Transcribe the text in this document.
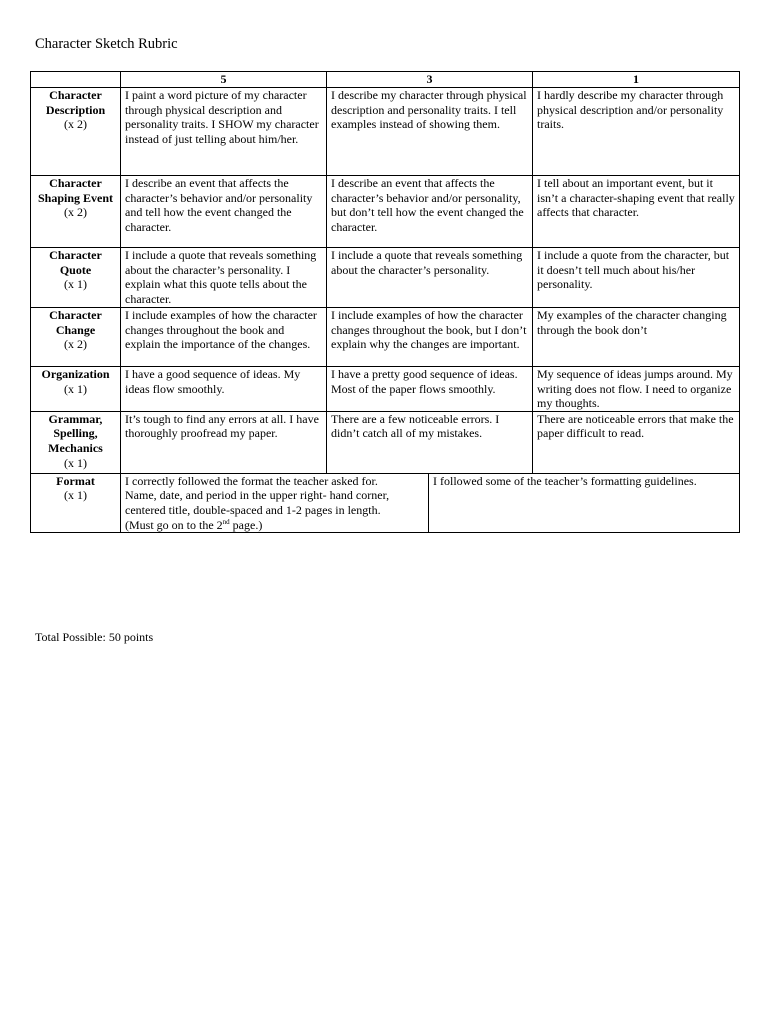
Character Sketch Rubric
	5	3		1

Character Description
(x 2)	I paint a word picture of my character through physical description and personality traits. I SHOW my character instead of just telling about him/her.	I describe my character through physical description and personality traits. I tell examples instead of showing them.		I hardly describe my character through physical description and/or personality traits.

Character Shaping Event
(x 2)	I describe an event that affects the character’s behavior and/or personality and tell how the event changed the character.	I describe an event that affects the character’s behavior and/or personality, but don’t tell how the event changed the character.		I tell about an important event, but it isn’t a character-shaping event that really affects that character.

Character Quote
(x 1)	I include a quote that reveals something about the character’s personality. I explain what this quote tells about the character.	I include a quote that reveals something about the character’s personality.		I include a quote from the character, but it doesn’t tell much about his/her personality.

Character Change
(x 2)	I include examples of how the character changes throughout the book and explain the importance of the changes.	I include examples of how the character changes throughout the book, but I don’t explain why the changes are important.		My examples of the character changing through the book don’t

Organization
(x 1)	I have a good sequence of ideas. My ideas flow smoothly.	I have a pretty good sequence of ideas. Most of the paper flows smoothly.		My sequence of ideas jumps around. My writing does not flow. I need to organize my thoughts.

Grammar, Spelling, Mechanics
(x 1)	It’s tough to find any errors at all. I have thoroughly proofread my paper.	There are a few noticeable errors. I didn’t catch all of my mistakes.		There are noticeable errors that make the paper difficult to read.

Format
(x 1)	I correctly followed the format the teacher asked for.
Name, date, and period in the upper right- hand corner,
centered title, double-spaced and 1-2 pages in length.
(Must go on to the 2nd page.)		I followed some of the teacher’s formatting guidelines.	
Total Possible: 50 points
